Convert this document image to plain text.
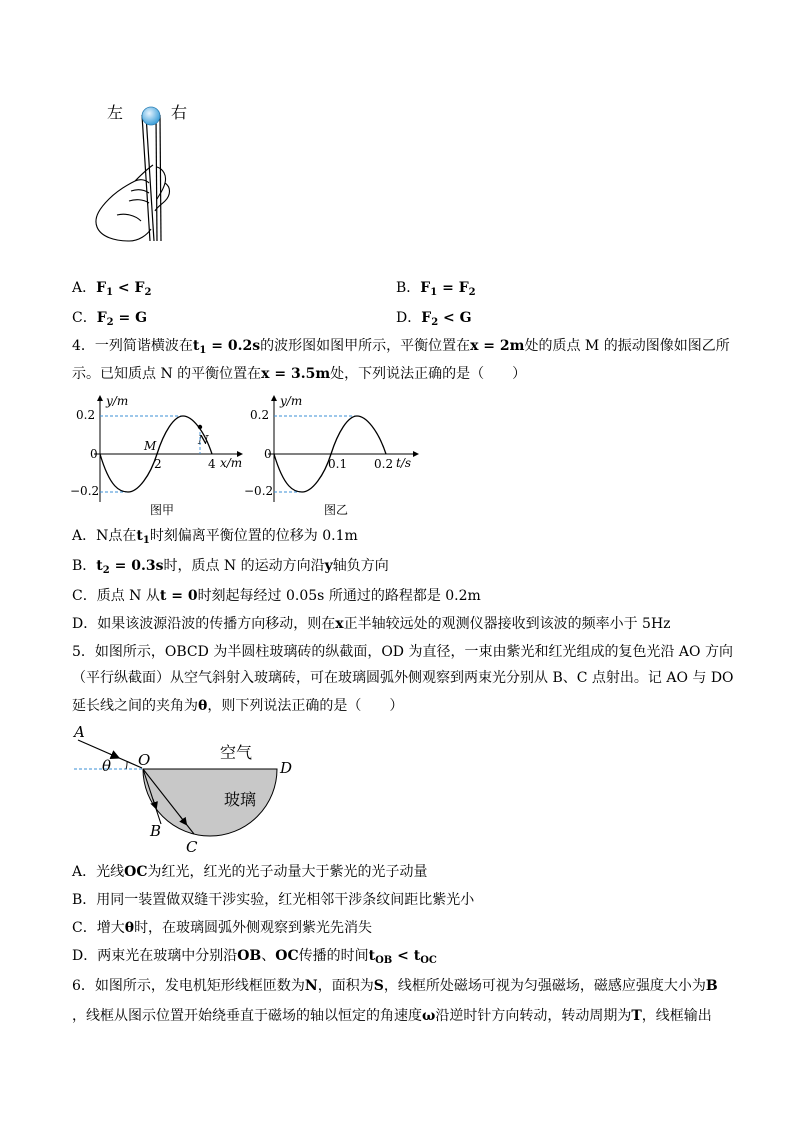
左	右
A．$F_1 < F_2$	B．$F_1 = F_2$
C．$F_2 = G$	D．$F_2 < G$
4．一列简谐横波在$t_1 = 0.2s$的波形图如图甲所示，平衡位置在x = 2m处的质点 M 的振动图像如图乙所
示。已知质点 N 的平衡位置在x = 3.5m处，下列说法正确的是（　　）
y/m
x/m
0.2
−0.2
0
2	4
M	N
图甲
y/m
t/s
0.2
−0.2
0
0.1 0.2
图乙
A．N点在$t_1$时刻偏离平衡位置的位移为 0.1m
B．$t_2 = 0.3s$时，质点 N 的运动方向沿y轴负方向
C．质点 N 从t = 0时刻起每经过 0.05s 所通过的路程都是 0.2m
D．如果该波源沿波的传播方向移动，则在x正半轴较远处的观测仪器接收到该波的频率小于 5Hz
5．如图所示，OBCD 为半圆柱玻璃砖的纵截面，OD 为直径，一束由紫光和红光组成的复色光沿 AO 方向
（平行纵截面）从空气斜射入玻璃砖，可在玻璃圆弧外侧观察到两束光分别从 B、C 点射出。记 AO 与 DO
延长线之间的夹角为θ，则下列说法正确的是（　　）
θ
A
O	D
B
C
空气
玻璃
A．光线OC为红光，红光的光子动量大于紫光的光子动量
B．用同一装置做双缝干涉实验，红光相邻干涉条纹间距比紫光小
C．增大θ时，在玻璃圆弧外侧观察到紫光先消失
D．两束光在玻璃中分别沿OB、OC传播的时间$t_{OB} < t_{OC}$
6．如图所示，发电机矩形线框匝数为N，面积为S，线框所处磁场可视为匀强磁场，磁感应强度大小为B
，线框从图示位置开始绕垂直于磁场的轴以恒定的角速度ω沿逆时针方向转动，转动周期为T，线框输出
